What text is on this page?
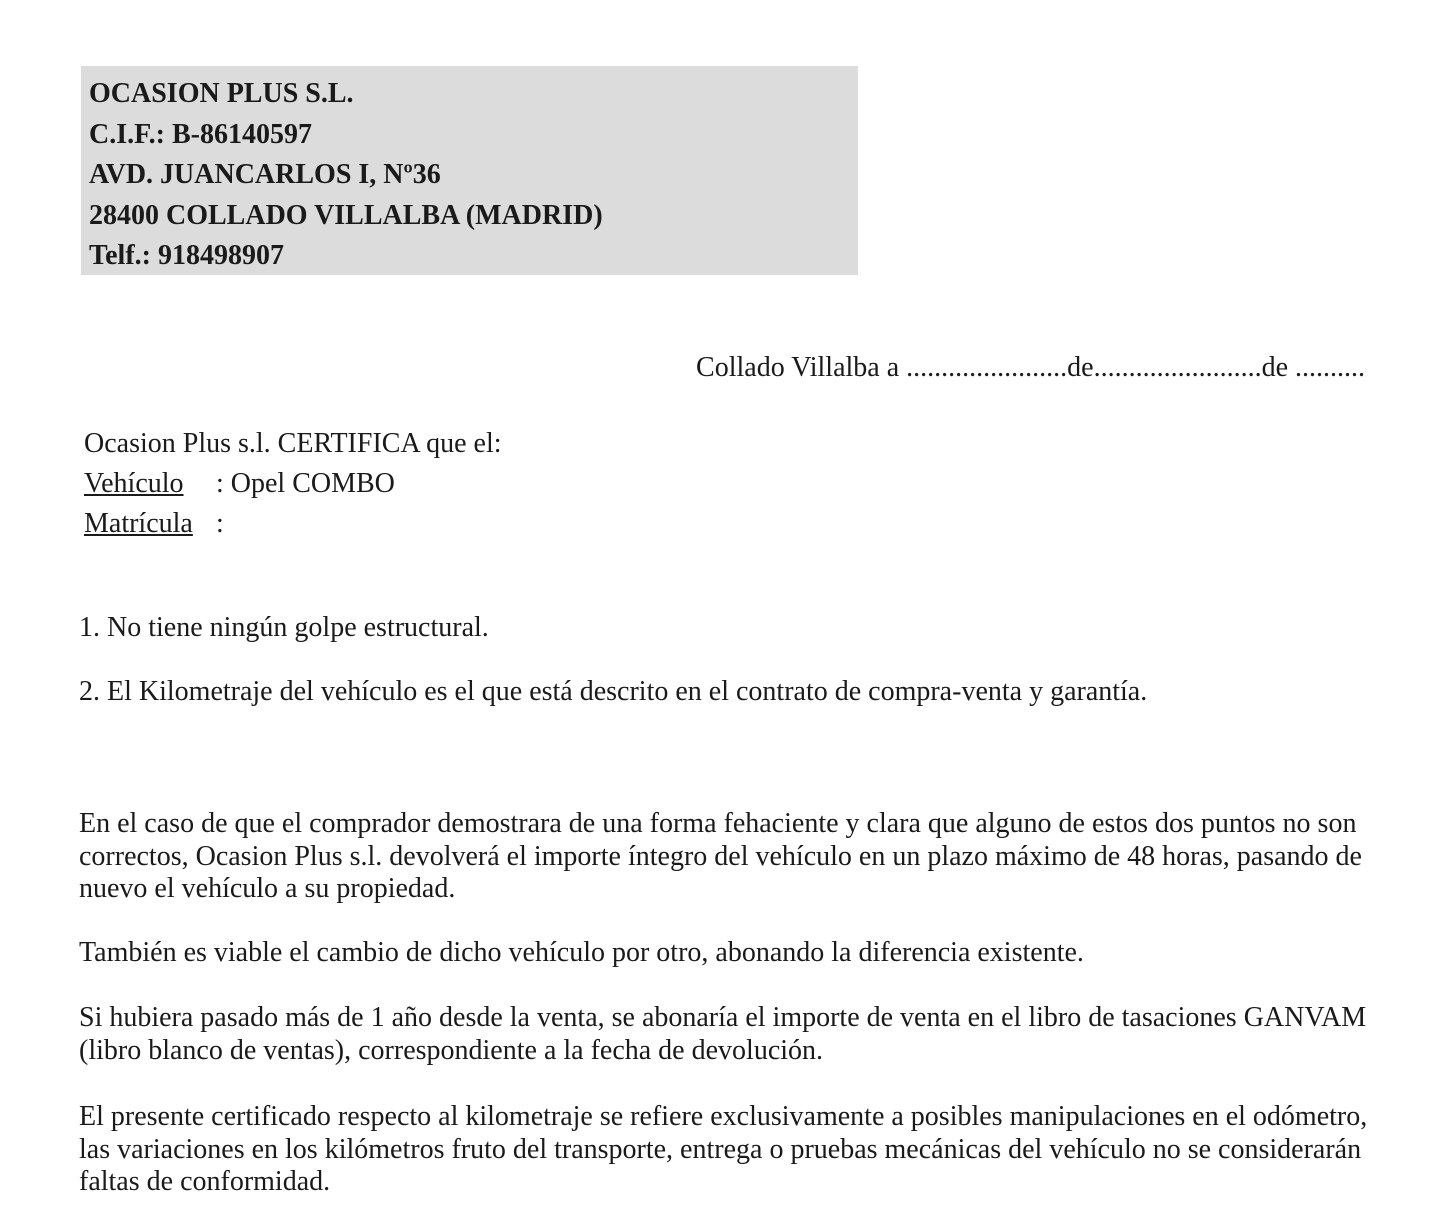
OCASION PLUS S.L.
C.I.F.: B-86140597
AVD. JUANCARLOS I, Nº36
28400 COLLADO VILLALBA (MADRID)
Telf.: 918498907
Collado Villalba a .......................de........................de ..........
Ocasion Plus s.l. CERTIFICA que el:
Vehículo : Opel COMBO
Matrícula :
1. No tiene ningún golpe estructural.
2. El Kilometraje del vehículo es el que está descrito en el contrato de compra-venta y garantía.

En el caso de que el comprador demostrara de una forma fehaciente y clara que alguno de estos dos puntos no son correctos, Ocasion Plus s.l. devolverá el importe íntegro del vehículo en un plazo máximo de 48 horas, pasando de nuevo el vehículo a su propiedad.

También es viable el cambio de dicho vehículo por otro, abonando la diferencia existente.

Si hubiera pasado más de 1 año desde la venta, se abonaría el importe de venta en el libro de tasaciones GANVAM (libro blanco de ventas), correspondiente a la fecha de devolución.

El presente certificado respecto al kilometraje se refiere exclusivamente a posibles manipulaciones en el odómetro, las variaciones en los kilómetros fruto del transporte, entrega o pruebas mecánicas del vehículo no se considerarán faltas de conformidad.
